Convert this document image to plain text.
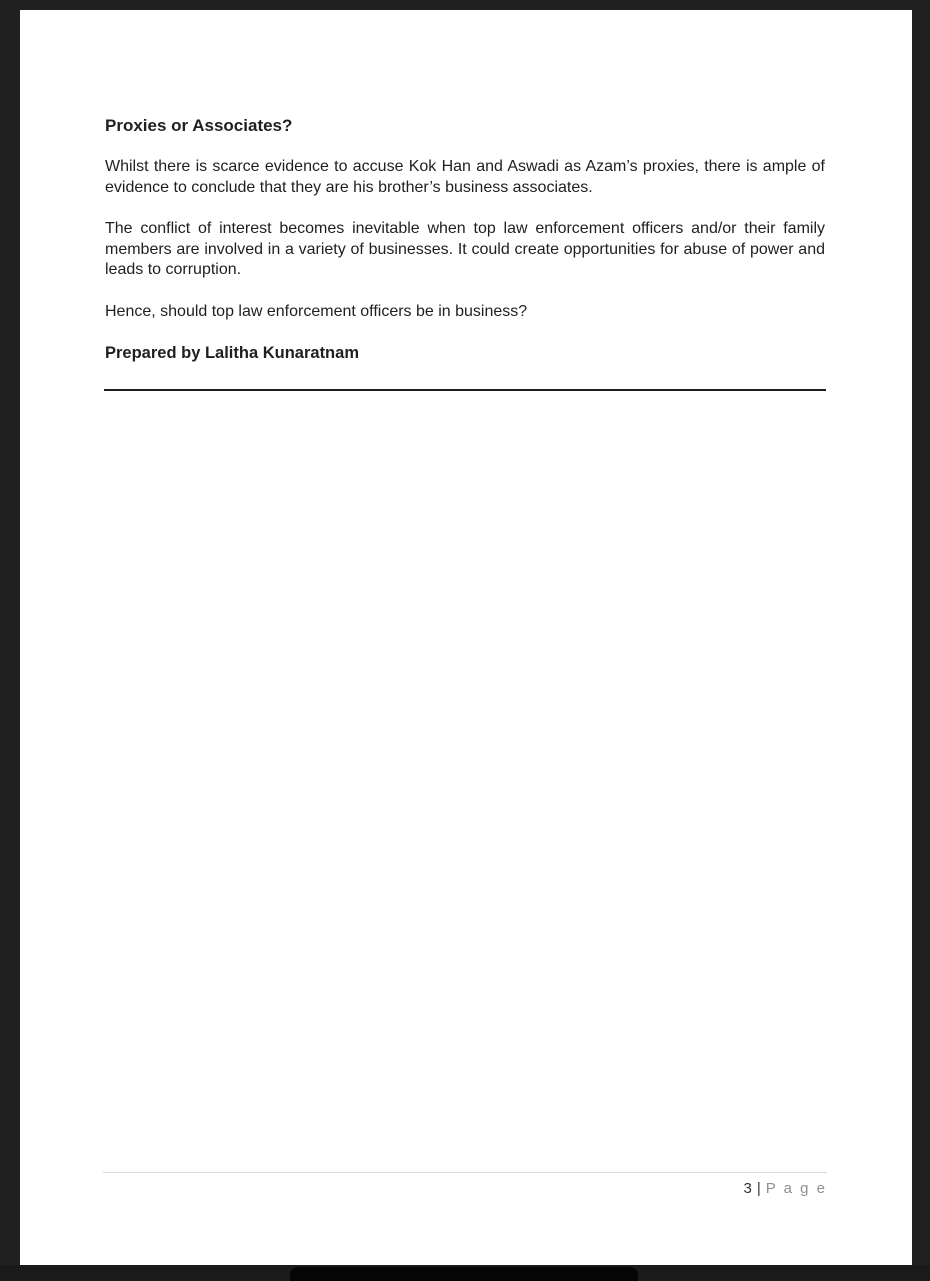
Proxies or Associates?

Whilst there is scarce evidence to accuse Kok Han and Aswadi as Azam’s proxies, there is ample of evidence to conclude that they are his brother’s business associates.

The conflict of interest becomes inevitable when top law enforcement officers and/or their family members are involved in a variety of businesses. It could create opportunities for abuse of power and leads to corruption.

Hence, should top law enforcement officers be in business?

Prepared by Lalitha Kunaratnam
3 | P a g e
